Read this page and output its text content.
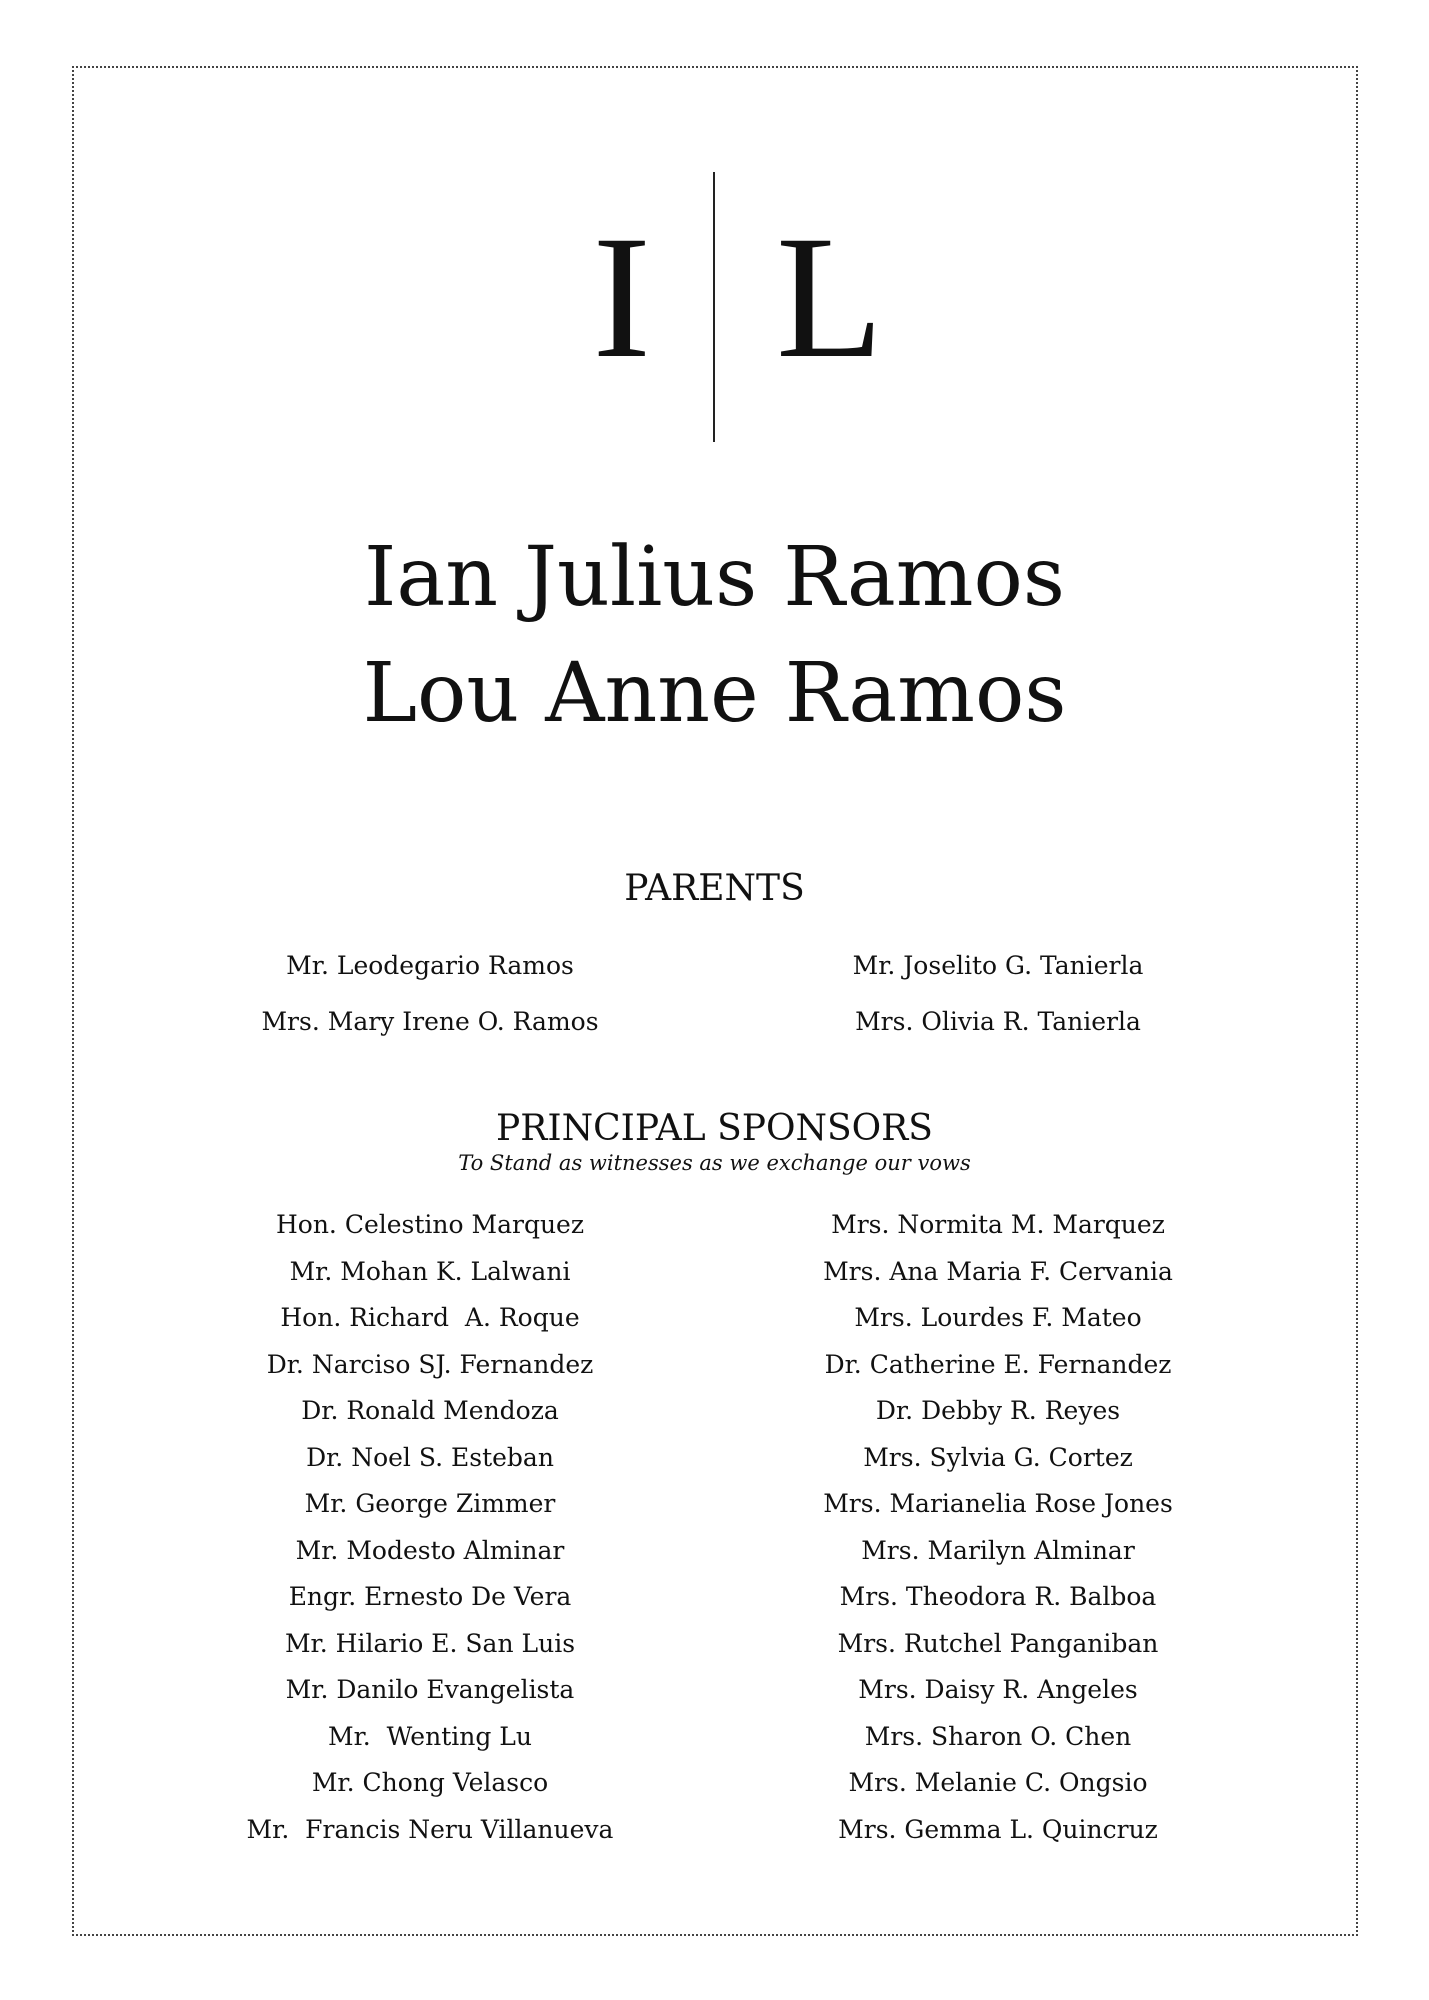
I L
Ian Julius Ramos
Lou Anne Ramos
PARENTS
Mr. Leodegario Ramos
Mrs. Mary Irene O. Ramos
Mr. Joselito G. Tanierla
Mrs. Olivia R. Tanierla
PRINCIPAL SPONSORS
To Stand as witnesses as we exchange our vows
Hon. Celestino Marquez
Mr. Mohan K. Lalwani
Hon. Richard  A. Roque
Dr. Narciso SJ. Fernandez
Dr. Ronald Mendoza
Dr. Noel S. Esteban
Mr. George Zimmer
Mr. Modesto Alminar
Engr. Ernesto De Vera
Mr. Hilario E. San Luis
Mr. Danilo Evangelista
Mr.  Wenting Lu
Mr. Chong Velasco
Mr.  Francis Neru Villanueva
Mrs. Normita M. Marquez
Mrs. Ana Maria F. Cervania
Mrs. Lourdes F. Mateo
Dr. Catherine E. Fernandez
Dr. Debby R. Reyes
Mrs. Sylvia G. Cortez
Mrs. Marianelia Rose Jones
Mrs. Marilyn Alminar
Mrs. Theodora R. Balboa
Mrs. Rutchel Panganiban
Mrs. Daisy R. Angeles
Mrs. Sharon O. Chen
Mrs. Melanie C. Ongsio
Mrs. Gemma L. Quincruz
